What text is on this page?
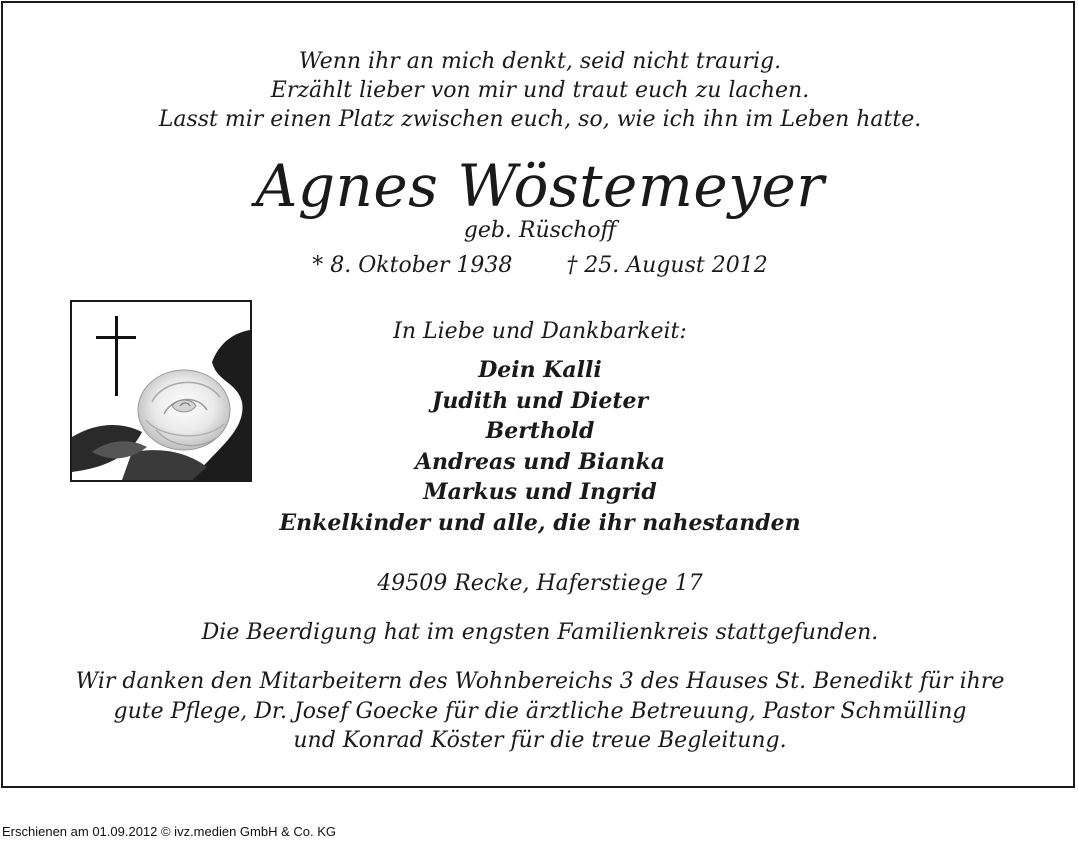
Wenn ihr an mich denkt, seid nicht traurig.
Erzählt lieber von mir und traut euch zu lachen.
Lasst mir einen Platz zwischen euch, so, wie ich ihn im Leben hatte.
Agnes Wöstemeyer
geb. Rüschoff
* 8. Oktober 1938 † 25. August 2012
In Liebe und Dankbarkeit:
Dein Kalli
Judith und Dieter
Berthold
Andreas und Bianka
Markus und Ingrid
Enkelkinder und alle, die ihr nahestanden
49509 Recke, Haferstiege 17
Die Beerdigung hat im engsten Familienkreis stattgefunden.
Wir danken den Mitarbeitern des Wohnbereichs 3 des Hauses St. Benedikt für ihre
gute Pflege, Dr. Josef Goecke für die ärztliche Betreuung, Pastor Schmülling
und Konrad Köster für die treue Begleitung.
Erschienen am 01.09.2012 © ivz.medien GmbH & Co. KG
